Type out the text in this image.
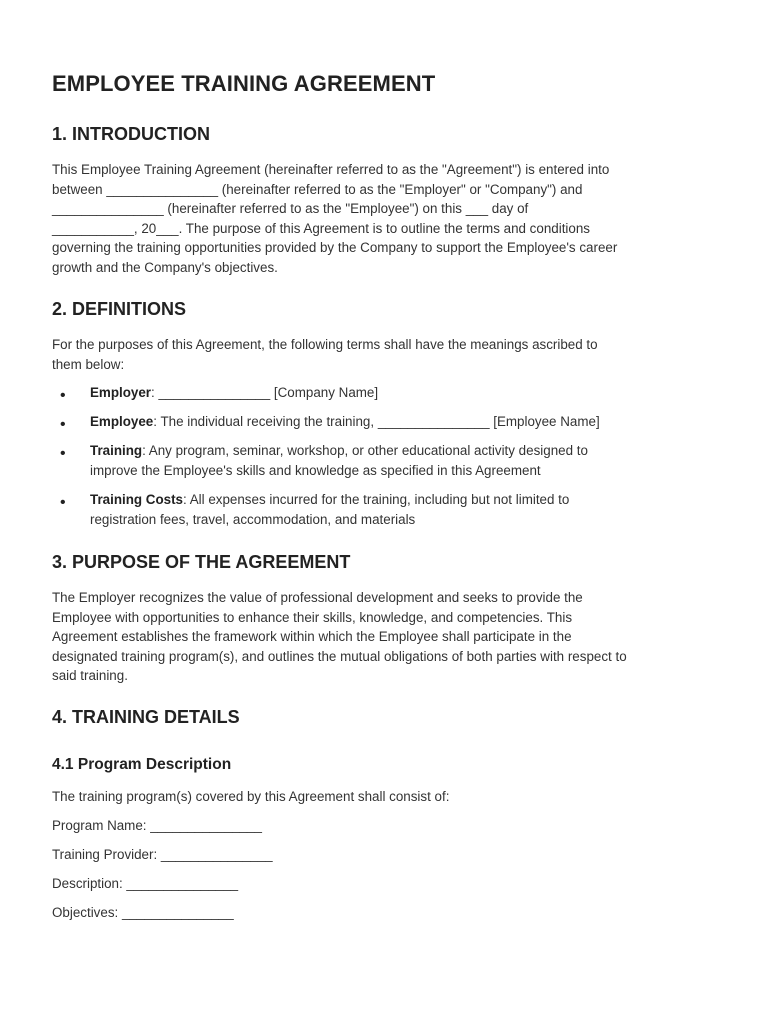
EMPLOYEE TRAINING AGREEMENT
1. INTRODUCTION

This Employee Training Agreement (hereinafter referred to as the "Agreement") is entered into
between _______________ (hereinafter referred to as the "Employer" or "Company") and
_______________ (hereinafter referred to as the "Employee") on this ___ day of
___________, 20___. The purpose of this Agreement is to outline the terms and conditions
governing the training opportunities provided by the Company to support the Employee's career
growth and the Company's objectives.

2. DEFINITIONS

For the purposes of this Agreement, the following terms shall have the meanings ascribed to
them below:

• Employer: _______________ [Company Name]
• Employee: The individual receiving the training, _______________ [Employee Name]
• Training: Any program, seminar, workshop, or other educational activity designed to
improve the Employee's skills and knowledge as specified in this Agreement
• Training Costs: All expenses incurred for the training, including but not limited to
registration fees, travel, accommodation, and materials
3. PURPOSE OF THE AGREEMENT

The Employer recognizes the value of professional development and seeks to provide the
Employee with opportunities to enhance their skills, knowledge, and competencies. This
Agreement establishes the framework within which the Employee shall participate in the
designated training program(s), and outlines the mutual obligations of both parties with respect to
said training.

4. TRAINING DETAILS
4.1 Program Description

The training program(s) covered by this Agreement shall consist of:

Program Name: _______________

Training Provider: _______________

Description: _______________

Objectives: _______________
